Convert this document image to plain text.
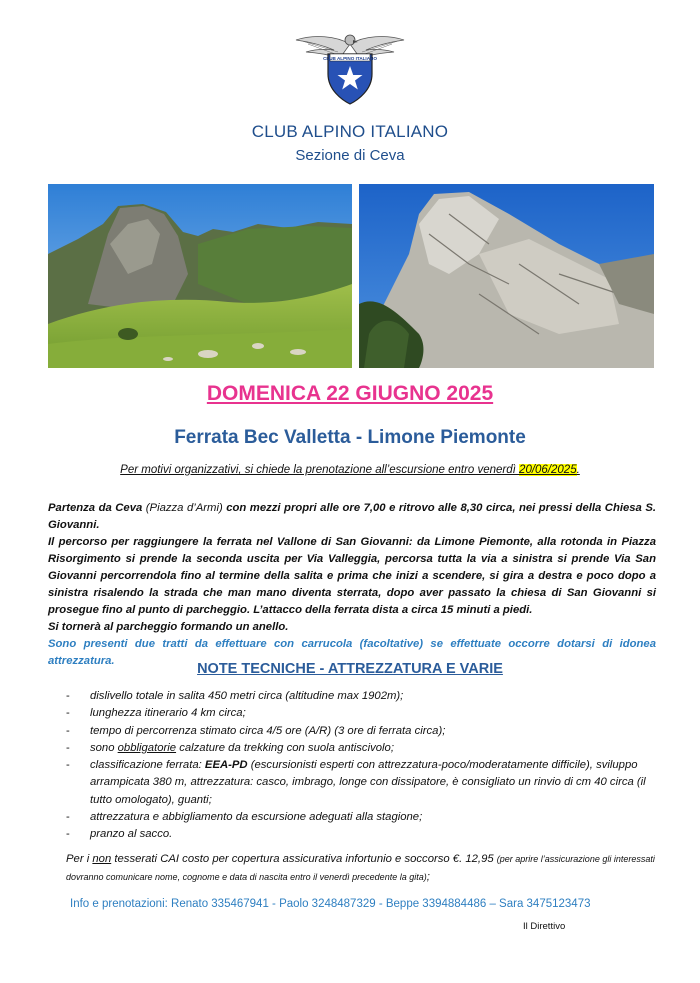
CLUB ALPINO ITALIANO
CLUB ALPINO ITALIANO
Sezione di Ceva
DOMENICA 22 GIUGNO 2025
Ferrata Bec Valletta - Limone Piemonte
Per motivi organizzativi, si chiede la prenotazione all’escursione entro venerdì 20/06/2025.

Partenza da Ceva (Piazza d’Armi) con mezzi propri alle ore 7,00 e ritrovo alle 8,30 circa, nei pressi della Chiesa S. Giovanni.

Il percorso per raggiungere la ferrata nel Vallone di San Giovanni: da Limone Piemonte, alla rotonda in Piazza Risorgimento si prende la seconda uscita per Via Valleggia, percorsa tutta la via a sinistra si prende Via San Giovanni percorrendola fino al termine della salita e prima che inizi a scendere, si gira a destra e poco dopo a sinistra risalendo la strada che man mano diventa sterrata, dopo aver passato la chiesa di San Giovanni si prosegue fino al punto di parcheggio. L’attacco della ferrata dista a circa 15 minuti a piedi.

Si tornerà al parcheggio formando un anello.

Sono presenti due tratti da effettuare con carrucola (facoltative) se effettuate occorre dotarsi di idonea attrezzatura.	NOTE TECNICHE - ATTREZZATURA E VARIE
- dislivello totale in salita 450 metri circa (altitudine max 1902m);
- lunghezza itinerario 4 km circa;
- tempo di percorrenza stimato circa 4/5 ore (A/R) (3 ore di ferrata circa);
- sono obbligatorie calzature da trekking con suola antiscivolo;
- classificazione ferrata: EEA-PD (escursionisti esperti con attrezzatura-poco/moderatamente difficile), sviluppo arrampicata 380 m, attrezzatura: casco, imbrago, longe con dissipatore, è consigliato un rinvio di cm 40 circa (il tutto omologato), guanti;
- attrezzatura e abbigliamento da escursione adeguati alla stagione;
- pranzo al sacco.
Per i non tesserati CAI costo per copertura assicurativa infortunio e soccorso €. 12,95 (per aprire l’assicurazione gli interessati dovranno comunicare nome, cognome e data di nascita entro il venerdì precedente la gita);
Info e prenotazioni: Renato 335467941 - Paolo 3248487329 - Beppe 3394884486 – Sara 3475123473
Il Direttivo
